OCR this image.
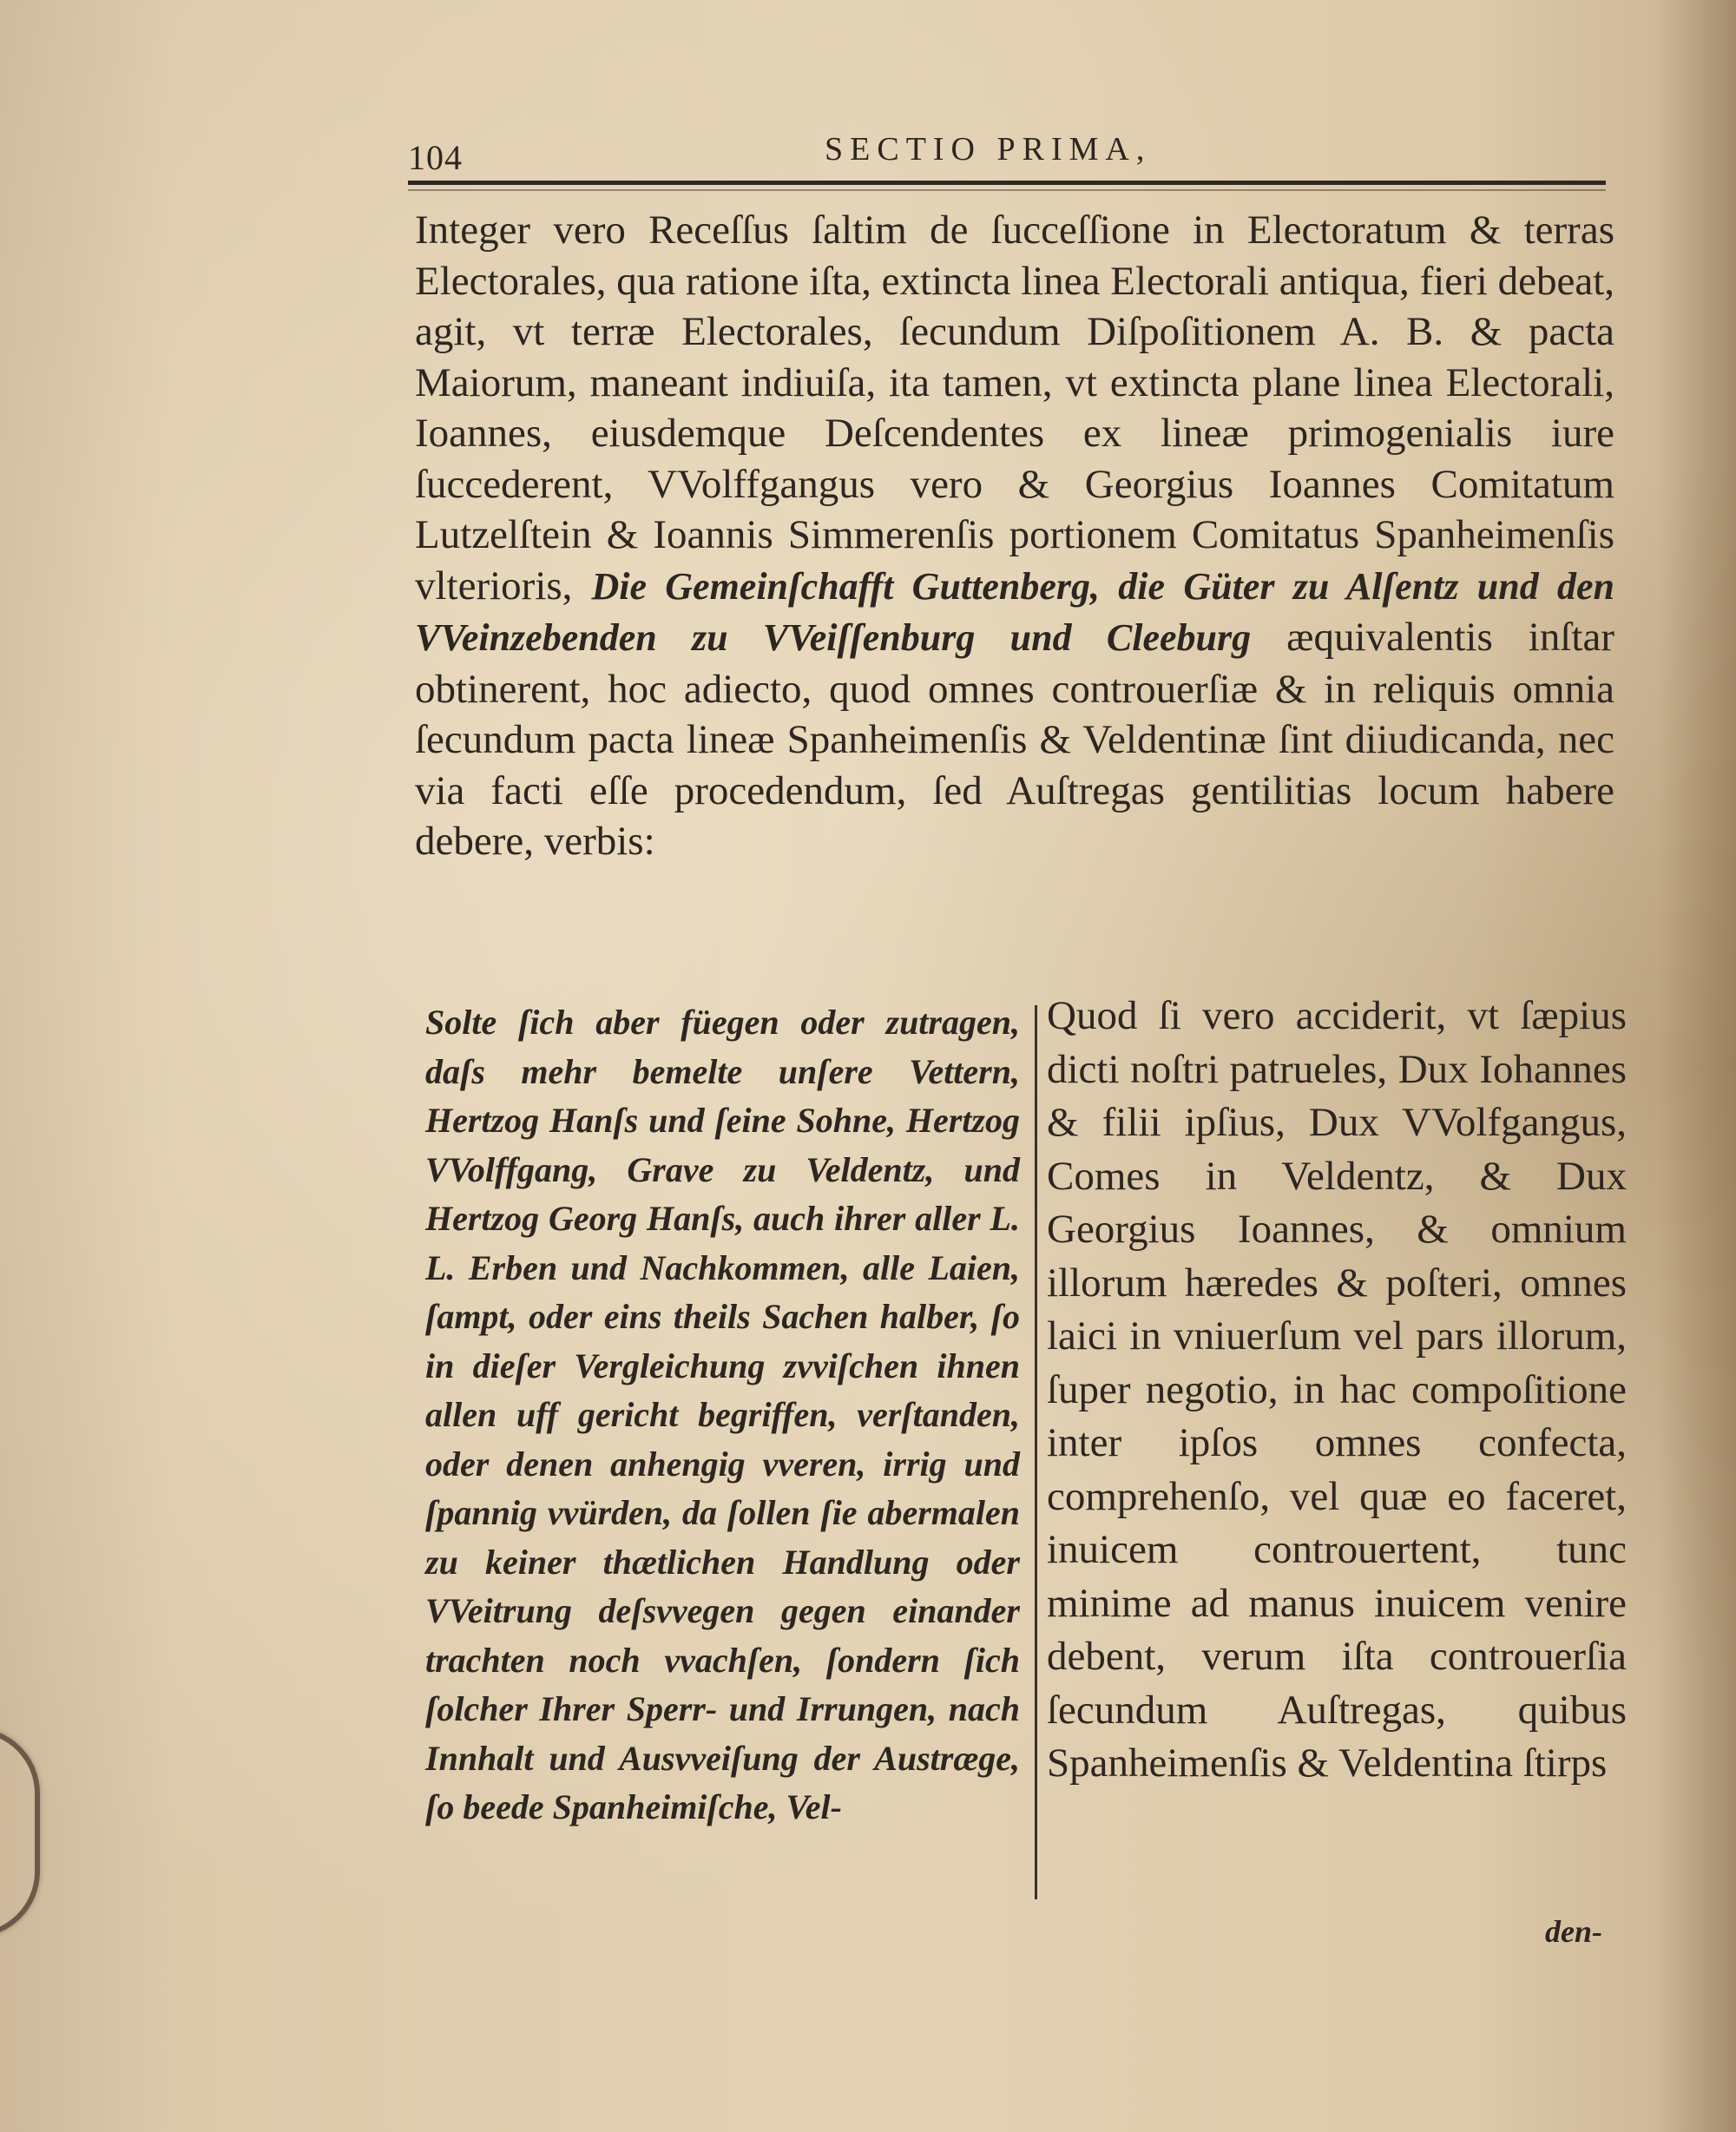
104	SECTIO PRIMA,

Integer vero Receſſus ſaltim de ſucceſſione in Electoratum & terras Electorales, qua ratione iſta, extincta linea Electorali antiqua, fieri debeat, agit, vt terræ Electorales, ſecundum Diſpoſitionem A. B. & pacta Maiorum, maneant indiuiſa, ita tamen, vt extincta plane linea Electorali, Ioannes, eiusdemque Deſcendentes ex lineæ primogenialis iure ſuccederent, VVolffgangus vero & Georgius Ioannes Comitatum Lutzelſtein & Ioannis Simmerenſis portionem Comitatus Spanheimenſis vlterioris, Die Gemeinſchafft Guttenberg, die Güter zu Alſentz und den VVeinzebenden zu VVeiſſenburg und Cleeburg æquivalentis inſtar obtinerent, hoc adiecto, quod omnes controuerſiæ & in reliquis omnia ſecundum pacta lineæ Spanheimenſis & Veldentinæ ſint diiudicanda, nec via facti eſſe procedendum, ſed Auſtregas gentilitias locum habere debere, verbis:

Solte ſich aber füegen oder zutragen, daſs mehr bemelte unſere Vettern, Hertzog Hanſs und ſeine Sohne, Hertzog VVolffgang, Grave zu Veldentz, und Hertzog Georg Hanſs, auch ihrer aller L. L. Erben und Nachkommen, alle Laien, ſampt, oder eins theils Sachen halber, ſo in dieſer Vergleichung zvviſchen ihnen allen uff gericht begriffen, verſtanden, oder denen anhengig vveren, irrig und ſpannig vvürden, da ſollen ſie abermalen zu keiner thætlichen Handlung oder VVeitrung deſsvvegen gegen einander trachten noch vvachſen, ſondern ſich ſolcher Ihrer Sperr- und Irrungen, nach Innhalt und Ausvveiſung der Austræge, ſo beede Spanheimiſche, Vel-

Quod ſi vero acciderit, vt ſæpius dicti noſtri patrueles, Dux Iohannes & filii ipſius, Dux VVolfgangus, Comes in Veldentz, & Dux Georgius Ioannes, & omnium illorum hæredes & poſteri, omnes laici in vniuerſum vel pars illorum, ſuper negotio, in hac compoſitione inter ipſos omnes confecta, comprehenſo, vel quæ eo faceret, inuicem controuertent, tunc minime ad manus inuicem venire debent, verum iſta controuerſia ſecundum Auſtregas, quibus Spanheimenſis & Veldentina ſtirps

den-
